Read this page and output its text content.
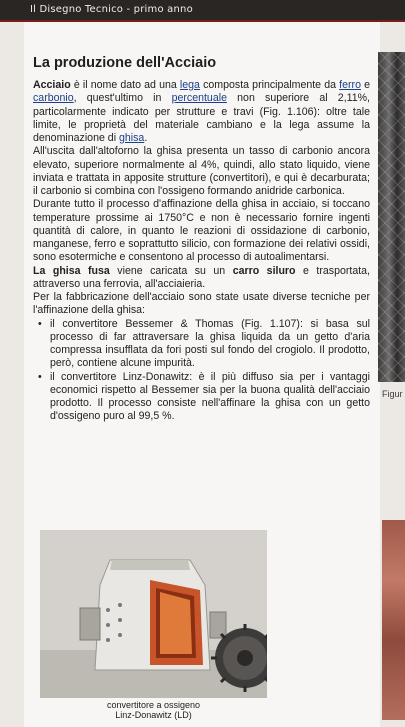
Il Disegno Tecnico - primo anno
Figur
La produzione dell'Acciaio

Acciaio è il nome dato ad una lega composta principalmente da ferro e carbonio, quest'ultimo in percentuale non superiore al 2,11%, particolarmente indicato per strutture e travi (Fig. 1.106): oltre tale limite, le proprietà del materiale cambiano e la lega assume la denominazione di ghisa.

All'uscita dall'altoforno la ghisa presenta un tasso di carbonio ancora elevato, superiore normalmente al 4%, quindi, allo stato liquido, viene inviata e trattata in apposite strutture (convertitori), e qui è decarburata; il carbonio si combina con l'ossigeno formando anidride carbonica.

Durante tutto il processo d'affinazione della ghisa in acciaio, si toccano temperature prossime ai 1750°C e non è necessario fornire ingenti quantità di calore, in quanto le reazioni di ossidazione di carbonio, manganese, ferro e soprattutto silicio, con formazione dei relativi ossidi, sono esotermiche e consentono al processo di autoalimentarsi.

La ghisa fusa viene caricata su un carro siluro e trasportata, attraverso una ferrovia, all'acciaieria.

Per la fabbricazione dell'acciaio sono state usate diverse tecniche per l'affinazione della ghisa:

• il convertitore Bessemer & Thomas (Fig. 1.107): si basa sul processo di far attraversare la ghisa liquida da un getto d'aria compressa insufflata da fori posti sul fondo del crogiolo. Il prodotto, però, contiene alcune impurità.
• il convertitore Linz-Donawitz: è il più diffuso sia per i vantaggi economici rispetto al Bessemer sia per la buona qualità dell'acciaio prodotto. Il processo consiste nell'affinare la ghisa con un getto d'ossigeno puro al 99,5 %.
convertitore a ossigeno
Linz-Donawitz (LD)
